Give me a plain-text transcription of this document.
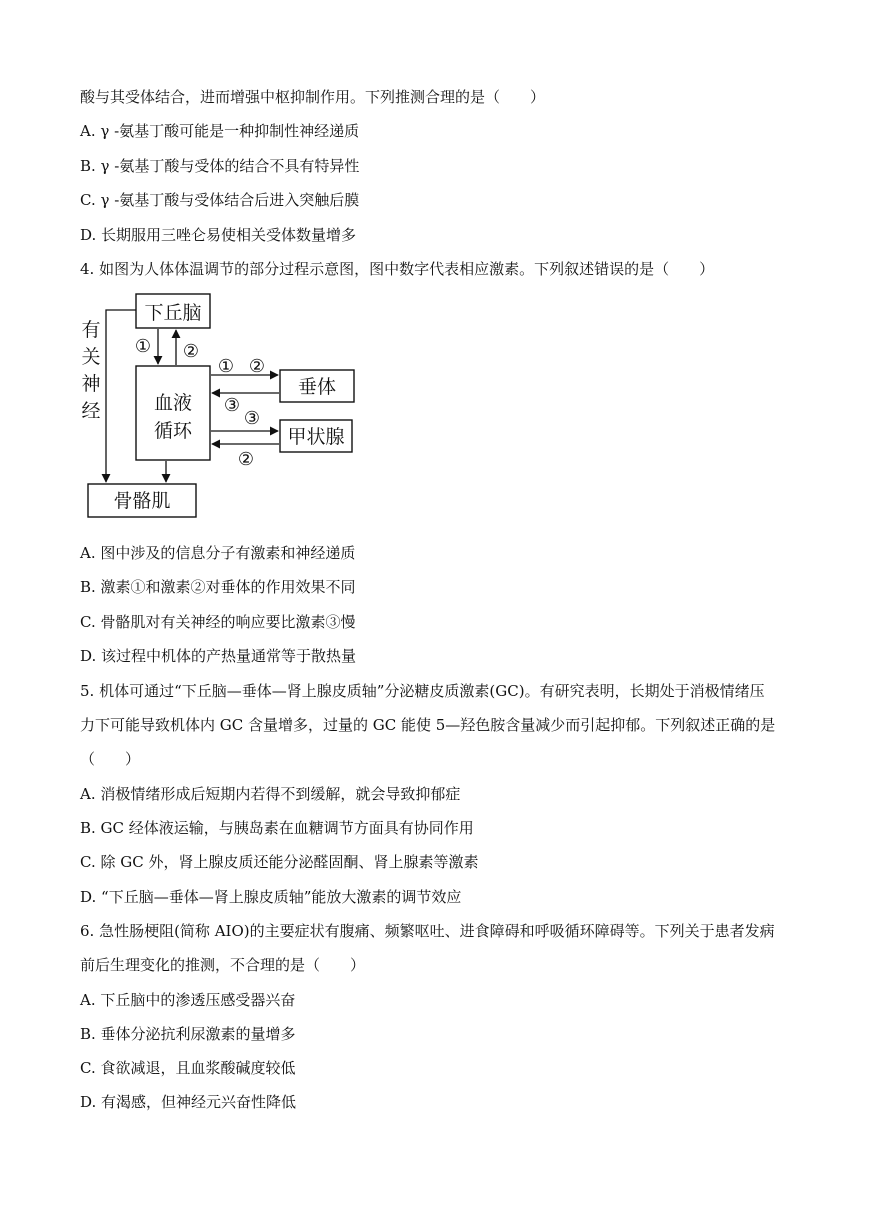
酸与其受体结合，进而增强中枢抑制作用。下列推测合理的是（　　）
A. γ -氨基丁酸可能是一种抑制性神经递质
B. γ -氨基丁酸与受体的结合不具有特异性
C. γ -氨基丁酸与受体结合后进入突触后膜
D. 长期服用三唑仑易使相关受体数量增多
4. 如图为人体体温调节的部分过程示意图，图中数字代表相应激素。下列叙述错误的是（　　）
下丘脑
血液
循环
垂体
甲状腺
骨骼肌
有
关
神
经
① ②
① ②
③
③
②
A. 图中涉及的信息分子有激素和神经递质
B. 激素①和激素②对垂体的作用效果不同
C. 骨骼肌对有关神经的响应要比激素③慢
D. 该过程中机体的产热量通常等于散热量
5. 机体可通过“下丘脑—垂体—肾上腺皮质轴”分泌糖皮质激素(GC)。有研究表明，长期处于消极情绪压
力下可能导致机体内 GC 含量增多，过量的 GC 能使 5—羟色胺含量减少而引起抑郁。下列叙述正确的是
（　　）
A. 消极情绪形成后短期内若得不到缓解，就会导致抑郁症
B. GC 经体液运输，与胰岛素在血糖调节方面具有协同作用
C. 除 GC 外，肾上腺皮质还能分泌醛固酮、肾上腺素等激素
D. “下丘脑—垂体—肾上腺皮质轴”能放大激素的调节效应
6. 急性肠梗阻(简称 AIO)的主要症状有腹痛、频繁呕吐、进食障碍和呼吸循环障碍等。下列关于患者发病
前后生理变化的推测，不合理的是（　　）
A. 下丘脑中的渗透压感受器兴奋
B. 垂体分泌抗利尿激素的量增多
C. 食欲减退，且血浆酸碱度较低
D. 有渴感，但神经元兴奋性降低
